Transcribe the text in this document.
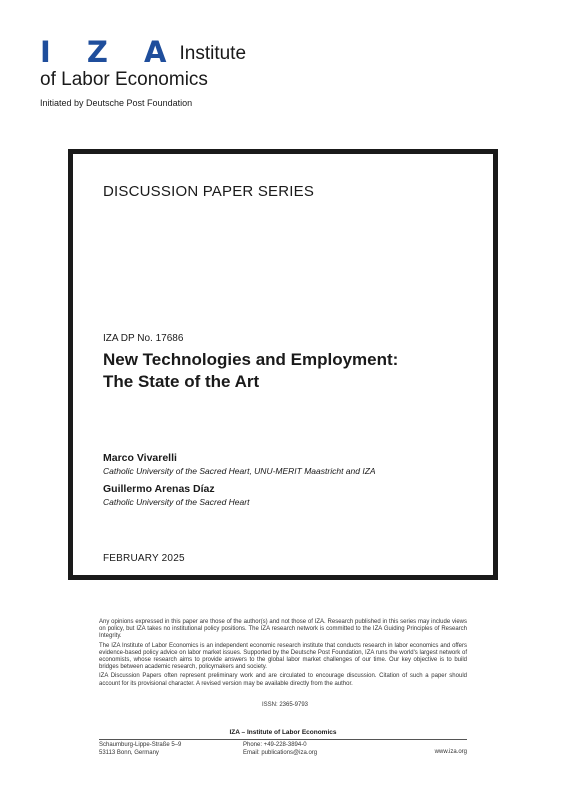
I Z A Institute
of Labor Economics
Initiated by Deutsche Post Foundation
DISCUSSION PAPER SERIES
IZA DP No. 17686
New Technologies and Employment:
The State of the Art
Marco Vivarelli
Catholic University of the Sacred Heart, UNU-MERIT Maastricht and IZA
Guillermo Arenas Díaz
Catholic University of the Sacred Heart
FEBRUARY 2025

Any opinions expressed in this paper are those of the author(s) and not those of IZA. Research published in this series may include views on policy, but IZA takes no institutional policy positions. The IZA research network is committed to the IZA Guiding Principles of Research Integrity.

The IZA Institute of Labor Economics is an independent economic research institute that conducts research in labor economics and offers evidence-based policy advice on labor market issues. Supported by the Deutsche Post Foundation, IZA runs the world's largest network of economists, whose research aims to provide answers to the global labor market challenges of our time. Our key objective is to build bridges between academic research, policymakers and society.

IZA Discussion Papers often represent preliminary work and are circulated to encourage discussion. Citation of such a paper should account for its provisional character. A revised version may be available directly from the author.

ISSN: 2365-9793
IZA – Institute of Labor Economics
Schaumburg-Lippe-Straße 5–9
53113 Bonn, Germany
Phone: +49-228-3894-0
Email: publications@iza.org	www.iza.org
